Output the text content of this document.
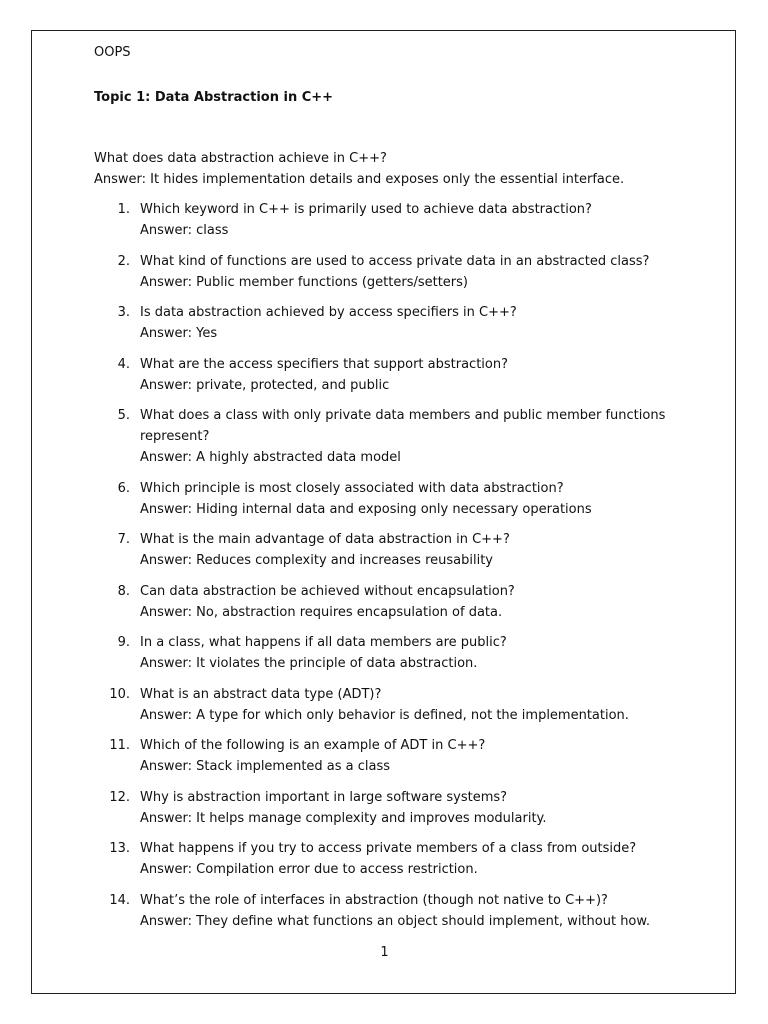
OOPS
Topic 1: Data Abstraction in C++
What does data abstraction achieve in C++?
Answer: It hides implementation details and exposes only the essential interface.
1. Which keyword in C++ is primarily used to achieve data abstraction?
Answer: class
2. What kind of functions are used to access private data in an abstracted class?
Answer: Public member functions (getters/setters)
3. Is data abstraction achieved by access specifiers in C++?
Answer: Yes
4. What are the access specifiers that support abstraction?
Answer: private, protected, and public
5. What does a class with only private data members and public member functions represent?
Answer: A highly abstracted data model
6. Which principle is most closely associated with data abstraction?
Answer: Hiding internal data and exposing only necessary operations
7. What is the main advantage of data abstraction in C++?
Answer: Reduces complexity and increases reusability
8. Can data abstraction be achieved without encapsulation?
Answer: No, abstraction requires encapsulation of data.
9. In a class, what happens if all data members are public?
Answer: It violates the principle of data abstraction.
10. What is an abstract data type (ADT)?
Answer: A type for which only behavior is defined, not the implementation.
11. Which of the following is an example of ADT in C++?
Answer: Stack implemented as a class
12. Why is abstraction important in large software systems?
Answer: It helps manage complexity and improves modularity.
13. What happens if you try to access private members of a class from outside?
Answer: Compilation error due to access restriction.
14. What’s the role of interfaces in abstraction (though not native to C++)?
Answer: They define what functions an object should implement, without how.
1
